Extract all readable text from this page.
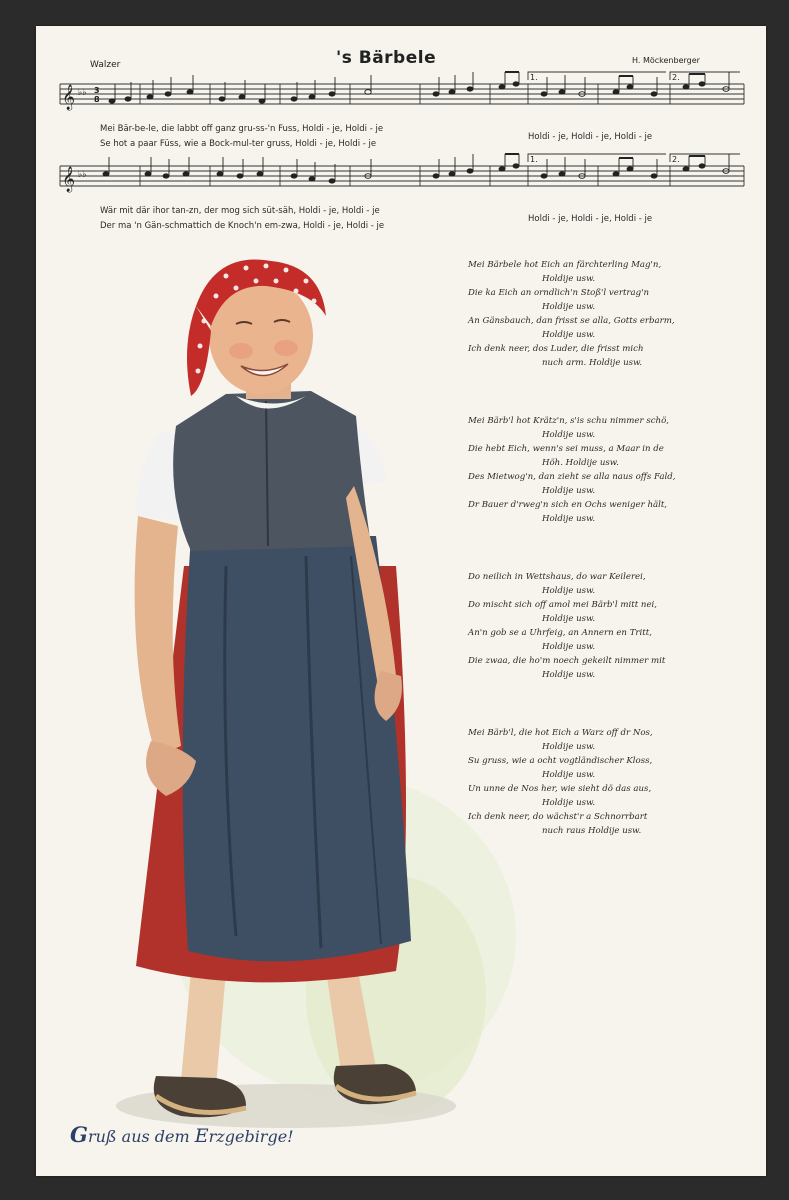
Walzer	's Bärbele	H. Möckenberger
𝄞 ♭♭ 3
8
1.	2.
Mei Bär-be-le, die labbt off ganz gru-ss-'n Fuss, Holdi - je, Holdi - je
Se hot a paar Füss, wie a Bock-mul-ter gruss, Holdi - je, Holdi - je
Holdi - je, Holdi - je, Holdi - je
𝄞 ♭♭
1.	2.
Wär mit där ihor tan-zn, der mog sich süt-säh, Holdi - je, Holdi - je
Der ma 'n Gän-schmattich de Knoch'n em-zwa, Holdi - je, Holdi - je
Holdi - je, Holdi - je, Holdi - je
Mei Bärbele hot Eich an färchterling Mag'n,
Holdije usw.
Die ka Eich an orndlich'n Stoß'l vertrag'n
Holdije usw.
An Gänsbauch, dan frisst se alla, Gotts erbarm,
Holdije usw.
Ich denk neer, dos Luder, die frisst mich
nuch arm. Holdije usw.
Mei Bärb'l hot Krätz'n, s'is schu nimmer schö,
Holdije usw.
Die hebt Eich, wenn's sei muss, a Maar in de
Höh. Holdije usw.
Des Mietwog'n, dan zieht se alla naus offs Fald,
Holdije usw.
Dr Bauer d'rweg'n sich en Ochs weniger hält,
Holdije usw.
Do neilich in Wettshaus, do war Keilerei,
Holdije usw.
Do mischt sich off amol mei Bärb'l mitt nei,
Holdije usw.
An'n gob se a Uhrfeig, an Annern en Tritt,
Holdije usw.
Die zwaa, die ho'm noech gekeilt nimmer mit
Holdije usw.
Mei Bärb'l, die hot Eich a Warz off dr Nos,
Holdije usw.
Su gruss, wie a ocht vogtländischer Kloss,
Holdije usw.
Un unne de Nos her, wie sieht dö das aus,
Holdije usw.
Ich denk neer, do wächst'r a Schnorrbart
nuch raus Holdije usw.
Gruß aus dem Erzgebirge!
